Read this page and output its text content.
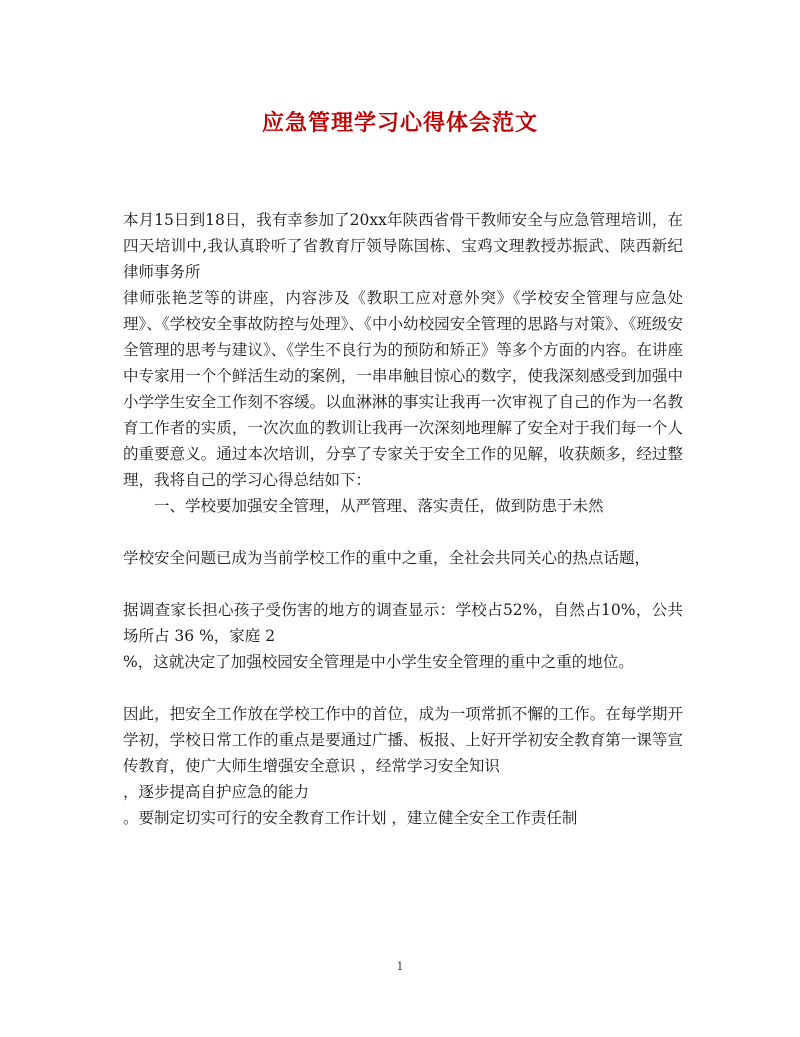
应急管理学习心得体会范文

本月15日到18日，我有幸参加了20xx年陕西省骨干教师安全与应急管理培训，在四天培训中,我认真聆听了省教育厅领导陈国栋、宝鸡文理教授苏振武、陕西新纪律师事务所

律师张艳芝等的讲座，内容涉及《教职工应对意外突》《学校安全管理与应急处理》、《学校安全事故防控与处理》、《中小幼校园安全管理的思路与对策》、《班级安全管理的思考与建议》、《学生不良行为的预防和矫正》等多个方面的内容。在讲座中专家用一个个鲜活生动的案例，一串串触目惊心的数字，使我深刻感受到加强中小学学生安全工作刻不容缓。以血淋淋的事实让我再一次审视了自己的作为一名教育工作者的实质，一次次血的教训让我再一次深刻地理解了安全对于我们每一个人的重要意义。通过本次培训，分享了专家关于安全工作的见解，收获颇多，经过整理，我将自己的学习心得总结如下：

一、学校要加强安全管理，从严管理、落实责任，做到防患于未然

学校安全问题已成为当前学校工作的重中之重，全社会共同关心的热点话题，

据调查家长担心孩子受伤害的地方的调查显示：学校占52%，自然占10%，公共场所占 36 %，家庭 2

%，这就决定了加强校园安全管理是中小学生安全管理的重中之重的地位。

因此，把安全工作放在学校工作中的首位，成为一项常抓不懈的工作。在每学期开学初，学校日常工作的重点是要通过广播、板报、上好开学初安全教育第一课等宣传教育，使广大师生增强安全意识 ，经常学习安全知识

，逐步提高自护应急的能力

。要制定切实可行的安全教育工作计划 ，建立健全安全工作责任制

1
